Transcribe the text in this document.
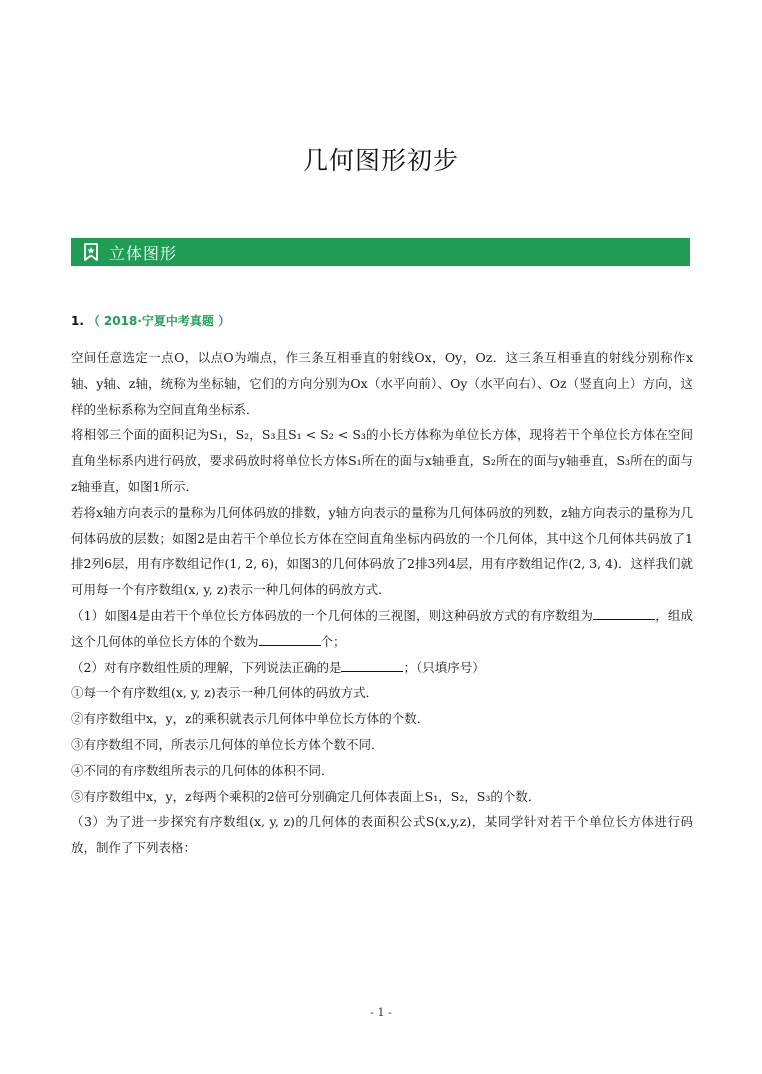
几何图形初步
立体图形
1. （ 2018·宁夏中考真题 ）

空间任意选定一点O，以点O为端点，作三条互相垂直的射线Ox，Oy，Oz．这三条互相垂直的射线分别称作x轴、y轴、z轴，统称为坐标轴，它们的方向分别为Ox（水平向前）、Oy（水平向右）、Oz（竖直向上）方向，这样的坐标系称为空间直角坐标系．

将相邻三个面的面积记为S₁，S₂，S₃且S₁ < S₂ < S₃的小长方体称为单位长方体，现将若干个单位长方体在空间直角坐标系内进行码放，要求码放时将单位长方体S₁所在的面与x轴垂直，S₂所在的面与y轴垂直，S₃所在的面与z轴垂直，如图1所示．

若将x轴方向表示的量称为几何体码放的排数，y轴方向表示的量称为几何体码放的列数，z轴方向表示的量称为几何体码放的层数；如图2是由若干个单位长方体在空间直角坐标内码放的一个几何体，其中这个几何体共码放了1排2列6层，用有序数组记作(1, 2, 6)，如图3的几何体码放了2排3列4层，用有序数组记作(2, 3, 4)．这样我们就可用每一个有序数组(x, y, z)表示一种几何体的码放方式．

（1）如图4是由若干个单位长方体码放的一个几何体的三视图，则这种码放方式的有序数组为	，组成这个几何体的单位长方体的个数为	个；

（2）对有序数组性质的理解，下列说法正确的是	；（只填序号）

①每一个有序数组(x, y, z)表示一种几何体的码放方式．

②有序数组中x，y，z的乘积就表示几何体中单位长方体的个数．

③有序数组不同，所表示几何体的单位长方体个数不同．

④不同的有序数组所表示的几何体的体积不同．

⑤有序数组中x，y，z每两个乘积的2倍可分别确定几何体表面上S₁，S₂，S₃的个数．

（3）为了进一步探究有序数组(x, y, z)的几何体的表面积公式S(x,y,z)，某同学针对若干个单位长方体进行码放，制作了下列表格：

- 1 -
